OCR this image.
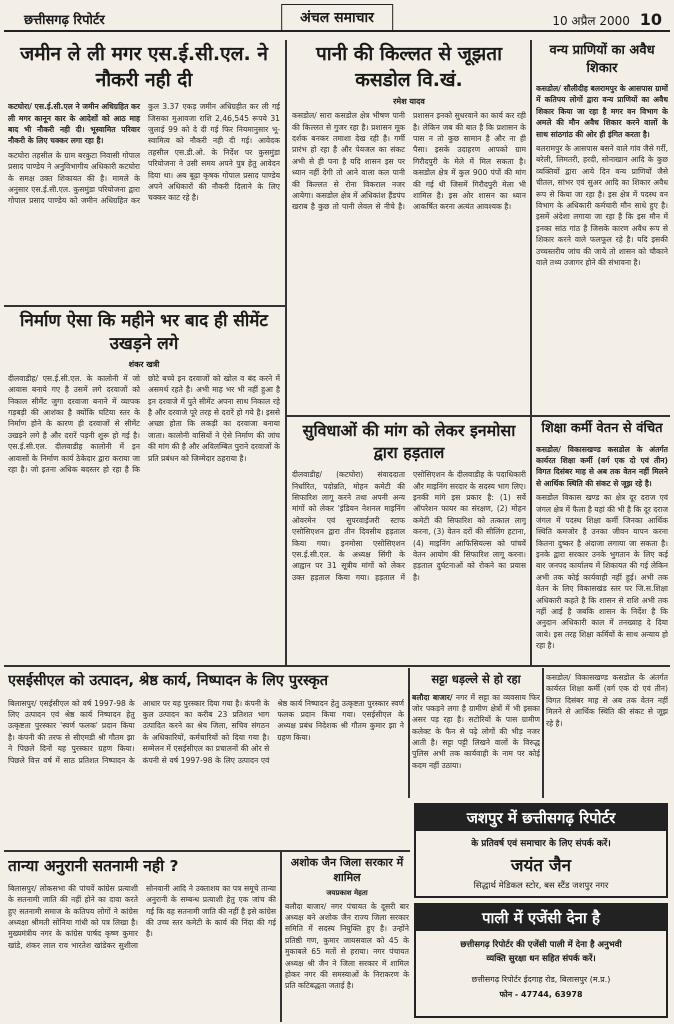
छत्तीसगढ़ रिपोर्टर	अंचल समाचार	10 अप्रैल 2000 10
जमीन ले ली मगर एस.ई.सी.एल. ने नौकरी नही दी

कटघोरा/ एस.ई.सी.एल ने जमीन अधिग्रहित कर ली मगर कानून कार के आदेशों को आठ माह बाद भी नौकरी नही दी। भूस्वामित परिवार नौकरी के लिए चक्कर लगा रहा है।

कटघोरा तहसील के ग्राम बरकुटा निवासी गोपाल प्रसाद पाण्डेय ने अनुविभागीय अधिकारी कटघोरा के समक्ष उक्त शिकायत की है। मामले के अनुसार एस.ई.सी.एल. कुसमुंडा परियोजना द्वारा गोपाल प्रसाद पाण्डेय को जमीन अधिग्रहित कर कुल 3.37 एकड़ जमीन अधिग्रहीत कर ली गई जिसका मुआवजा राशि 2,46,545 रूपये 31 जुलाई 99 को दे दी गई फिर नियमानुसार भू-स्वामित्व को नौकरी नही दी गई। आवेदक तहसील एस.डी.ओ. के निर्देश पर कुसमुंडा परियोजना ने उसी समय अपने पुत्र हेतु आवेदन दिया था। अब बूढ़ा कृषक गोपाल प्रसाद पाण्डेय अपने अधिकारों की नौकरी दिलाने के लिए चक्कर काट रहे है।

पानी की किल्लत से जूझता कसडोल वि.खं.
रमेश यादव

कसडोल/ सारा कसडोल क्षेत्र भीषण पानी की किल्लत से गुजर रहा है। प्रशासन मूक दर्शक बनकर तमाशा देख रही है। गर्मी प्रारंभ हो रहा है और पेयजल का संकट अभी से ही पना है यदि शासन इस पर ध्यान नहीं देगी तो आने वाला कल पानी की किल्लत से रोना विकराल नजर आयेगा। कसडोल क्षेत्र में अधिकांश हैंडपंप खराब है कुछ तो पानी लेवल से नीचे है। प्रशासन इनको सुधरवाने का कार्य कर रही है। लेकिन जब की बात है कि प्रशासन के पास न तो कुछ सामान है और ना ही पैसा। इसके उदाहरण आपको ग्राम गिरौदपुरी के मेले में मिल सकता है। कसडोल क्षेत्र में कुल 900 पंपों की मांग की गई थी जिसमें गिरौदपुरी मेला भी शामिल है। इस ओर शासन का ध्यान आकर्षित करना अत्यंत आवश्यक है।

वन्य प्राणियों का अवैध शिकार

कसडोल/ सौलीदीह बलरामपुर के आसपास ग्रामों में कतिपय लोगों द्वारा वन्य प्राणियों का अवैध शिकार किया जा रहा है मगर वन विभाग के अमले की मौन अवैध शिकार करने वालों के साथ सांठगांठ की ओर ही इंगित करता है।

बलरामपुर के आसपास बसने वाले गांव जैसे गर्री, बरेली, लिमतरी, हरदी, सोनाखान आदि के कुछ व्यक्तियों द्वारा आये दिन वन्य प्राणियों जैसे चीतल, सांभर एवं सुअर आदि का शिकार अवैध रूप से किया जा रहा है। इस क्षेत्र में पदस्थ वन विभाग के अधिकारी कर्मचारी मौन साधे हुए है। इसमें अंदेशा लगाया जा रहा है कि इस मौन में इनका सांठ गांठ है जिसके कारण अवैध रूप से शिकार करने वाले फलफूल रहे है। यदि इसकी उच्चस्तरीय जांच की जाये तो शासन को चौकाने वाले तथ्य उजागर होने की संभावना है।

निर्माण ऐसा कि महीने भर बाद ही सीमेंट उखड़ने लगे
शंकर खत्री

दीलवाडीह/ एस.ई.सी.एल. के कालोनी में जो आवास बनाये गए है उसमें लगे दरवाजों को निकाल सीमेंट जुगा दरवाजा बनाने में व्यापक गड़बड़ी की आशंका है क्योंकि घटिया स्तर के निर्माण होने के कारण ही दरवाजों से सीमेंट उखड़ने लगे है और दरारें पड़नी शुरू हो गई है। एस.ई.सी.एल. दीलवाडीह कालोनी में इन आवासों के निर्माण कार्य ठेकेदार द्वारा कराया जा रहा है। जो इतना अधिक बदस्तर हो रहा है कि छोटे बच्चे इन दरवाजों को खोल व बंद करने में असमर्थ रहते है। अभी माह भर भी नहीं हुआ है इन दरवाजे में पुते सीमेंट अपना साथ निकाल रहे है और दरवाजे पूरे तरह से दरारें हो गये है। इससे अच्छा होता कि लकड़ी का दरवाजा बनाया जाता। कालोनी वासियों ने ऐसे निर्माण की जांच की मांग की है और अविलम्बित पुराने दरवाजों के प्रति प्रबंधन को जिम्मेदार ठहराया है।

सुविधाओं की मांग को लेकर इनमोसा द्वारा हड़ताल

दीलवाडीह/ (कटघोरा) संवाददाता निर्धारित, पदोन्नति, मोहन कमेटी की सिफारिश लागू करने तथा अपनी अन्य मांगों को लेकर 'इंडियन नेशनल माइनिंग ओवरमेन एवं सुपरवाईजरी स्टाफ एसोसिएशन द्वारा तीन दिवसीय हड़ताल किया गया। इनमोसा एसोसिएशन एस.ई.सी.एल. के अध्यक्ष सिंगी के आह्वान पर 31 सूत्रीय मांगों को लेकर उक्त हड़ताल किया गया। हड़ताल में एसोसिएशन के दीलवाडीह के पदाधिकारी और माइनिंग सरदार के सदस्य भाग लिए। इनकी मांगे इस प्रकार है: (1) सर्वे ऑपरेशन फायर का संरक्षण, (2) मोहन कमेटी की सिफारिश को तत्काल लागू करना, (3) वेतन दरों की सीलिंग हटाना, (4) माइनिंग आफिसियल्स को पांचवें वेतन आयोग की सिफारिश लागू करना। हड़ताल दुर्घटनाओं को रोकने का प्रयास है।

शिक्षा कर्मी वेतन से वंचित

कसडोल/ विकासखण्ड कसडोल के अंतर्गत कार्यरत शिक्षा कर्मी (वर्ग एक दो एवं तीन) विगत दिसंबर माह से अब तक वेतन नहीं मिलने से आर्थिक स्थिति की संकट से जूझ रहे है।

कसडोल विकास खण्ड का क्षेत्र दूर दराज एवं जंगल क्षेत्र में फैला है यहां की भी है कि दूर दराज जंगल में पदस्थ शिक्षा कर्मी जिनका आर्थिक स्थिति कमजोर है उनका जीवन यापन करना कितना दुष्कर है अंदाजा लगाया जा सकता है। इनके द्वारा सरकार उनके भुगतान के लिए कई बार जनपद कार्यालय में शिकायत की गई लेकिन अभी तक कोई कार्यवाही नहीं हुई। अभी तक वेतन के लिए विकासखंड स्तर पर जि.स.शिक्षा अधिकारी कहते है कि शासन से राशि अभी तक नहीं आई है जबकि शासन के निर्देश है कि अनुदान अधिकारी काल में तनख्वाह दे दिया जाये। इस तरह शिक्षा कर्मियों के साथ अन्याय हो रहा है।

एसईसीएल को उत्पादन, श्रेष्ठ कार्य, निष्पादन के लिए पुरस्कृत

बिलासपुर/ एसईसीएल को वर्ष 1997-98 के लिए उत्पादन एवं श्रेष्ठ कार्य निष्पादन हेतु उत्कृष्टता पुरस्कार 'स्वर्ण फलक' प्रदान किया है। कंपनी की तरफ से सीएमडी श्री गौतम झा ने पिछले दिनों यह पुरस्कार ग्रहण किया। पिछले वित्त वर्ष में साठ प्रतिशत निष्पादन के आधार पर यह पुरस्कार दिया गया है। कंपनी के कुल उत्पादन का करीब 23 प्रतिशत भाग उत्पादित करने का श्रेय जिला, सचिव संगठन के अधिकारियों, कर्मचारियों को दिया गया है। सम्मेलन में एसईसीएल का प्रचालनों की ओर से कंपनी से वर्ष 1997-98 के लिए उत्पादन एवं श्रेष्ठ कार्य निष्पादन हेतु उत्कृष्टता पुरस्कार स्वर्ण फलक प्रदान किया गया। एसईसीएल के अध्यक्ष प्रबंध निदेशक श्री गौतम कुमार झा ने ग्रहण किया।

सट्टा धड़ल्ले से हो रहा

बलौदा बाजार/ नगर में सट्टा का व्यवसाय फिर जोर पकड़ने लगा है ग्रामीण क्षेत्रों में भी इसका असर पड़ रहा है। सटोरियों के पास ग्रामीण कलेक्ट के फैन से पढ़े लोगों की भीड़ नजर आती है। सट्टा पट्टी लिखने वालों के विरुद्ध पुलिस अभी तक कार्यवाही के नाम पर कोई कदम नहीं उठाया।

कसडोल/ विकासखण्ड कसडोल के अंतर्गत कार्यरत शिक्षा कर्मी (वर्ग एक दो एवं तीन) विगत दिसंबर माह से अब तक वेतन नहीं मिलने से आर्थिक स्थिति की संकट से जूझ रहे है।

जशपुर में छत्तीसगढ़ रिपोर्टर
के प्रतिवर्ष एवं समाचार के लिए संपर्क करें।
जयंत जैन
सिद्धार्थ मेडिकल स्टोर, बस स्टैंड जशपुर नगर
पाली में एजेंसी देना है
छत्तीसगढ़ रिपोर्टर की एजेंसी पाली में देना है अनुभवी
व्यक्ति सुरक्षा धन सहित संपर्क करें।
छत्तीसगढ़ रिपोर्टर ईदगाह रोड, बिलासपुर (म.प्र.)
फोन - 47744, 63978
तान्या अनुरानी सतनामी नही ?

बिलासपुर/ लोकसभा की पांचवें कांग्रेस प्रत्याशी के सतनामी जाति की नहीं होने का दावा करते हुए सतनामी समाज के कतिपय लोगों ने कांग्रेस अध्यक्षा श्रीमती सोनिया गांधी को पत्र लिखा है। मुख्यमंत्रीय नगर के कांग्रेस पार्षद कृष्ण कुमार खांडे, शंकर लाल राव भारतेश खांडेकर सुशीला सोनवानी आदि ने उक्ताशय का पत्र समूचे तान्या अनुरानी के सम्बन्ध प्रत्याशी हेतु एक जांच की गई कि वह सतनामी जाति की नहीं है इसे कांग्रेस की उच्च स्तर कमेटी के कार्य की निंदा की गई है।

अशोक जैन जिला सरकार में शामिल
जयप्रकाश मेहता

बलौदा बाजार/ नगर पंचायत के दूसरी बार अध्यक्ष बने अशोक जैन राज्य जिला सरकार समिति में सदस्य नियुक्ति हुए है। उन्होंने प्रतिष्ठी गण, कुमार जायसवाल को 45 के मुकाबले 65 मतों से हराया। नगर पंचायत अध्यक्ष श्री जैन ने जिला सरकार में शामिल होकर नगर की समस्याओं के निराकरण के प्रति कटिबद्धता जताई है।
